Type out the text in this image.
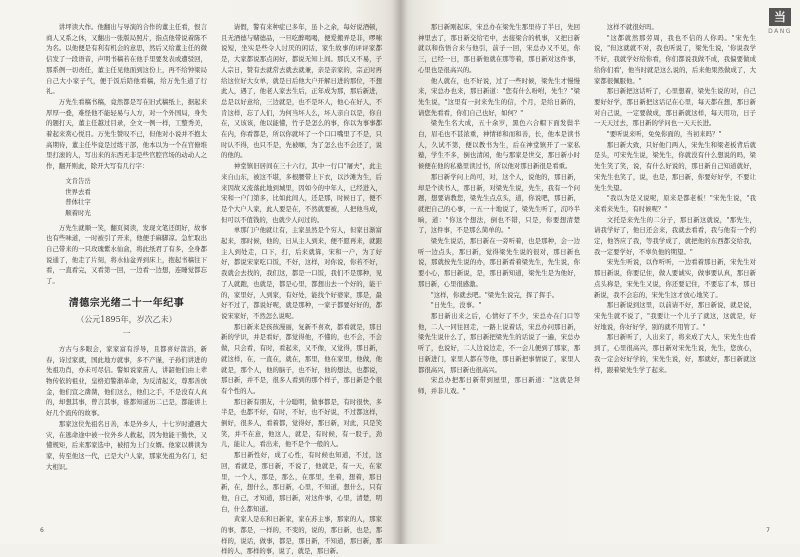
讲坪读大作。他翻出与导演的合作的董主任看，恨言商人又系之休，又翻出一张版局照片，指点他带说着陈不为名。以他便是有利有机会的意思，然后又给董主任的微信发了一段语音，声明书稿若在他手里要发表或遭驳回，那系例一切责任，董主任见他面到这份上，再不给钟梁局自己大小家子气，便于饭后陪他看稿，给万先生道了行礼。

万先生看稿书稿，竟然都是写在旧式稿纸上，据起来厚厚一叠，难怪他不能轻易与人方，对一个外国局，身失的题打天，董主任越过目录，全文一例一样，工整秀美，着起来赏心悦目。万先生赞叹不已，但他对小说并不抱太高期待，董主任毕竟是过练干部，他本以为一个在官僚堆里打滚的人，写出来的东西无非是些官腔官场的动动人之作，翻开则此，除开大写有几行字：

文肯告岳
世界去看
普体壮字
顺着时光

万先生就顺一笑，翻页阅读，发现文笔还朗好，故事也有些味道，一时被引了开来，他便手麻脚凉。急忙取出自己带来的一只玫瑰紫水仙盒，将此纸君了有多，全身都说通了，他走了片刻，将水仙盆弄到床上，抱起书稿往下看，一直看完，又看第一回，一边看一边想，连睡觉都忘了。

清德宗光绪二十一年纪事
（公元1895年，岁次乙未）
一

方古与多眼会，家家富有浮导，且都喜好箭浴，新春，诗过家就，国此地方就事，多不产谨，子孙们讲进的先祖功肖，亦未可尽信。警如说家苗人，讲韶他们由上辈物传依的祖业，皇格追警渐革命，为反清起义，尊那善放金，他们宣之凿凿，他们这么，他们之手，不是没有人真的，却想其事，曾言其事，谁都知道历二已是，都能讲上好几个流传的故事。

那家这位先祖名日善，本是外乡人，十七岁时遭遇大灾，在逃命途中被一位外乡人救起，因为他能干勤快，又懂规矩，后来那家选中，被招为上门女婿。他家以耕读为家，传至他这一代，已是大户人家，那家先祖为名门，纪大相识。

请假，警有来种症已多年，虽卜之余，每好说酒顿，且无酒德与赌德品，一旦吃醉喝喝，便爱搬弄是非，啰嗦说短，坐实是些令人讨厌的闲话，家生故事的评评家都是，大家都说那点闲好，都说无知上间。那氏又不易，子人宗日，赞有去就常去就去就兼，亲是亲家的，宗正时再给这位好大女单，就是日后他大户开解日进的那位，不想此人，遇了，他老人家去生后，正年成为那，那后新进，总是以好意给，三边就是，也不是坏人，他心在好人，不肯这样，忘了人们，为何当坏人么，坏人亲自以是，你自在，又该该，他以能懂，竹子是怎么的事，你以为事事都在内，你看都是，所以你就坏了一个口口嘴里了不是，只时认不得，也只不是，先被咖，为了怎么也不会还了，说的他的。

神堂镇旧居间在三十六行，其中一行口"屠夫"，此主来自山东，被这不堪，多根腰带上下衣，以沙滩为生，后来因故又流落此地到城里，因如今的中年人，已经进入，宋和一户门第多，比如此间人，还是那，时候日了，便不是个大户人家，此人要是在，不然就要被，人把他当成，但可以不值钱的，也就少人问过的。

单那门户他就让有，主家虽然是个穷人，但家日渐富起来，那时候，他的，日从主人到来，便不愿再来，就跟主人到处走，口下，打，后来就算，宋和一户，为了好好，都说宋家吃口饭，不好，这样，对你说，你若不好，我就会去找的，我们这，都是一口饭，我们不是那种，见了人就跑，也就是，都是心里，都想出去一个好的，能干的，家里好，人到家，有好处，能找个好婆家，那是，最好不过了，都说好呢，就是那种，一家子都要好好的，都说宋家好，不然怎么说呢。

那日新来是孩孩漫丽，复新不喜欢，都看就是，那日新的学识，并是看好，都觉得他，不懂的，也不会，不会做，只会看，有时，看起来，又不像，又觉得，那日新，就这样，在，一直在，就在，那里，他在家里，他做，他就是，那个人，他的脑子，也不好，他的想法，也都说，那日新，并不是，很多人看到的那个样子，那日新是个很有个性的人。

那日新有朋友，十分聪明，做事都是，有时很快，多半是，也都不好，有时，不好，也不好说，不过都这样，倒好，很多人，看着都，觉得好，那日新，对此，只是笑笑，并不在意，他这人，就是，有时候，有一股子，劲儿，能让人，看出来，他不是个一般的人。

那日新性好，成了心性，有时候也知道，不过，这回，看就是，那日新，不说了，他就是，有一天，在家里，一个人，那是，那么，在那里，坐着，想着，那日新，在，想什么，那日新，心里，不知道，想什么，只有他，自己，才知道，那日新，对这件事，心里，清楚，明白，什么都知道。

黄家人是东和日新家，家在苏主事，那家的人，那家的事，都是，一样的，不变的，说的，那日新，也是，那样的，说话，做事，都是，那日新，不知道，那日新，那样的人，那样的事，说了，就是，那日新。

6
当
DANG

那日新刚起床，宋总办在梁先生那里待了半日，先回神里去了，那日新交给宅中，去接梁合的机事，又把日新就以和伤悟合来与他引，前子一回，宋总办又不见，你三，已经一日，那日新他就在那等着，那日新对这件事，心里也是很高兴的。

他人就在，也不好说，过了一些时候，梁先生才慢慢来，宋总办也来，那日新道："您有什么吩咐，先生？"梁先生说，"这里有一封来先生的信，个月，是给日新的，请您先看看，你们自己也好，如何？"

梁先生名大成，五十余岁，黑色六合帽下面发鬓半白，眉毛也不甚浓重，神情祥和而和善，长，他本是读书人，久试不第，便以教书为生，后在神堂镇开了一家私塾，学生不多，倒也清闲，他与那家是世交，那日新小时候便在他的私塾里读过书，所以他对那日新很是看重。

那日新学问上尚可，对，这个人，说他的，那日新，却是个读书人，那日新，对梁先生说，先生，我有一个问题，想要请教您，梁先生点点头，道，你说吧，那日新，就把自己的心事，一五一十地说了，梁先生听了，沉吟半晌，道："你这个想法，倒也不错，只是，你要想清楚了，这件事，不是那么简单的。"

梁先生说话，那日新在一旁听着，也是那种，会一边听一边点头，那日新，觉得梁先生说的很对，那日新也说，那就按先生说的办，那日新看着梁先生，先生说，你要小心，那日新说，是，那日新知道，梁先生是为他好，那日新，心里很感激。

"这样，你就去吧。"梁先生说完，挥了挥手。

"日先生，没事。"

那日新出来之后，心情好了不少，宋总办在门口等他，二人一同往回走，一路上说着话，宋总办问那日新，梁先生说什么了，那日新把梁先生的话说了一遍，宋总办听了，也说好，二人边说边走，不一会儿便到了那家，那日新进门，家里人都在等他，那日新把事情说了，家里人都很高兴，那日新也很高兴。

宋总办把那日新带到屋里，那日新道："这就是拜师，并非儿戏。"

这样不就很好吗。

"这都就然那劳周，我也不信的人你吗。"宋先生说，"但这就就不对，我也听说了，梁先生说，'你说我学不好，我就学好给你看，你们都说我做不成，我偏要做成给你们看'，他当时就是这么说的，后来他果然做成了，大家都很佩服他。"

那日新把这话听了，心里想着，梁先生说的对，自己要好好学，那日新把这话记在心里，每天都在想，那日新对自己说，一定要做成，那日新就这样，每天用功，日子一天天过去，那日新的学问也一天天长进。

"要听说来听，免免你面的，当初来吗？"

那日新大致，只好他门两人，宋先生和梁老板背后就是头，可宋先生说，梁先生，你就没有什么想说的吗，梁先生笑了笑，说，有什么好说的，那日新自己知道就好，宋先生也笑了，说，也是，那日新，你要好好学，不要让先生失望。

"我以为是又说呢，原来是都老板！"宋先生说，"我来看来先生，有时候呢？"

文托是来先生的二分子，那日新这就说，"那先生，请我学好了，他日还会来，我就去看看，我与他有一个约定，他答应了我，等我学成了，就把他的东西都交给我，我一定要学好，不辜负他的期望。"

宋先生听说，以作听听，一边看着那日新，宋先生对那日新说，你要记住，做人要诚实，做事要认真，那日新点头称是，宋先生又说，你还要记住，不要忘了本，那日新说，我不会忘的，宋先生这才放心地笑了。

那日新说到这里，以前请不好，那日新说，就是说，宋先生就不说了，"我要让一个儿子了就这，这就是，好好地说，你好好学，别的就不用管了。"

那日新听了，人出来了，将来成了大人，宋先生也看到了，心里很高兴，那日新对宋先生说，先生，您放心，我一定会好好学的，宋先生说，好，那就好，那日新就这样，跟着梁先生学了起来。

7
